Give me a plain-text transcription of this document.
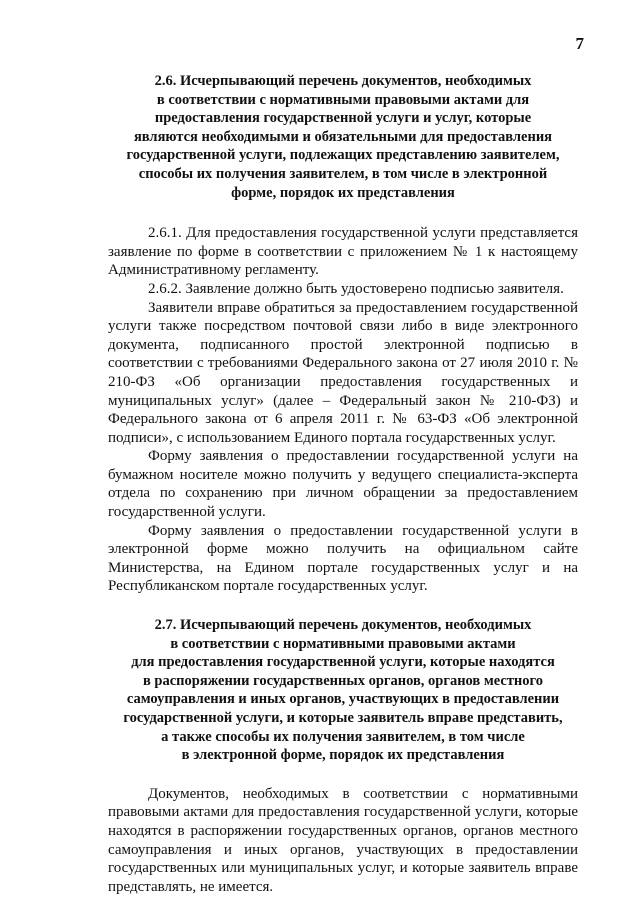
7
2.6. Исчерпывающий перечень документов, необходимых
в соответствии с нормативными правовыми актами для
предоставления государственной услуги и услуг, которые
являются необходимыми и обязательными для предоставления
государственной услуги, подлежащих представлению заявителем,
способы их получения заявителем, в том числе в электронной
форме, порядок их представления

2.6.1. Для предоставления государственной услуги представляется заявление по форме в соответствии с приложением № 1 к настоящему Административному регламенту.

2.6.2. Заявление должно быть удостоверено подписью заявителя.

Заявители вправе обратиться за предоставлением государственной услуги также посредством почтовой связи либо в виде электронного документа, подписанного простой электронной подписью в соответствии с требованиями Федерального закона от 27 июля 2010 г. № 210-ФЗ «Об организации предоставления государственных и муниципальных услуг» (далее – Федеральный закон № 210-ФЗ) и Федерального закона от 6 апреля 2011 г. № 63-ФЗ «Об электронной подписи», с использованием Единого портала государственных услуг.

Форму заявления о предоставлении государственной услуги на бумажном носителе можно получить у ведущего специалиста-эксперта отдела по сохранению при личном обращении за предоставлением государственной услуги.

Форму заявления о предоставлении государственной услуги в электронной форме можно получить на официальном сайте Министерства, на Едином портале государственных услуг и на Республиканском портале государственных услуг.

2.7. Исчерпывающий перечень документов, необходимых
в соответствии с нормативными правовыми актами
для предоставления государственной услуги, которые находятся
в распоряжении государственных органов, органов местного
самоуправления и иных органов, участвующих в предоставлении
государственной услуги, и которые заявитель вправе представить,
а также способы их получения заявителем, в том числе
в электронной форме, порядок их представления

Документов, необходимых в соответствии с нормативными правовыми актами для предоставления государственной услуги, которые находятся в распоряжении государственных органов, органов местного самоуправления и иных органов, участвующих в предоставлении государственных или муниципальных услуг, и которые заявитель вправе представлять, не имеется.
